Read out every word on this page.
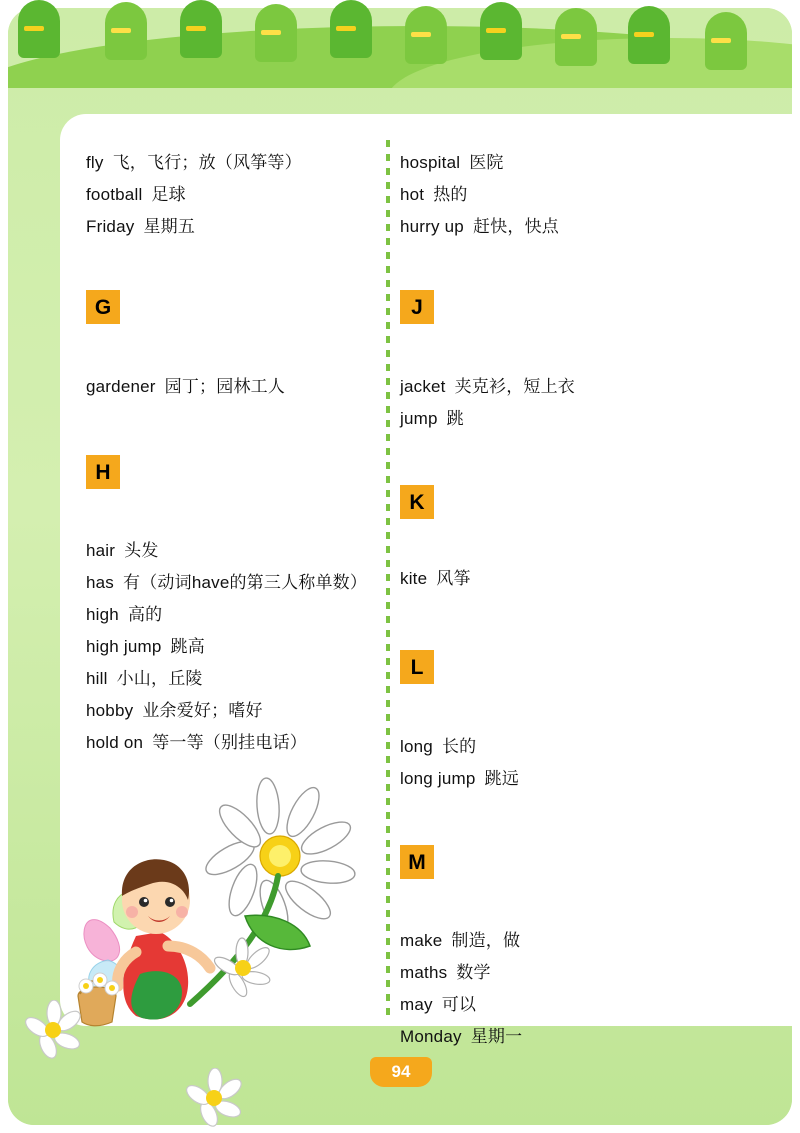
fly 飞，飞行；放（风筝等）
football 足球
Friday 星期五
G
gardener 园丁；园林工人
H
hair 头发
has 有（动词have的第三人称单数）
high 高的
high jump 跳高
hill 小山，丘陵
hobby 业余爱好；嗜好
hold on 等一等（别挂电话）
hospital 医院
hot 热的
hurry up 赶快，快点
J
jacket 夹克衫，短上衣
jump 跳
K
kite 风筝
L
long 长的
long jump 跳远
M
make 制造，做
maths 数学
may 可以
Monday 星期一
94
